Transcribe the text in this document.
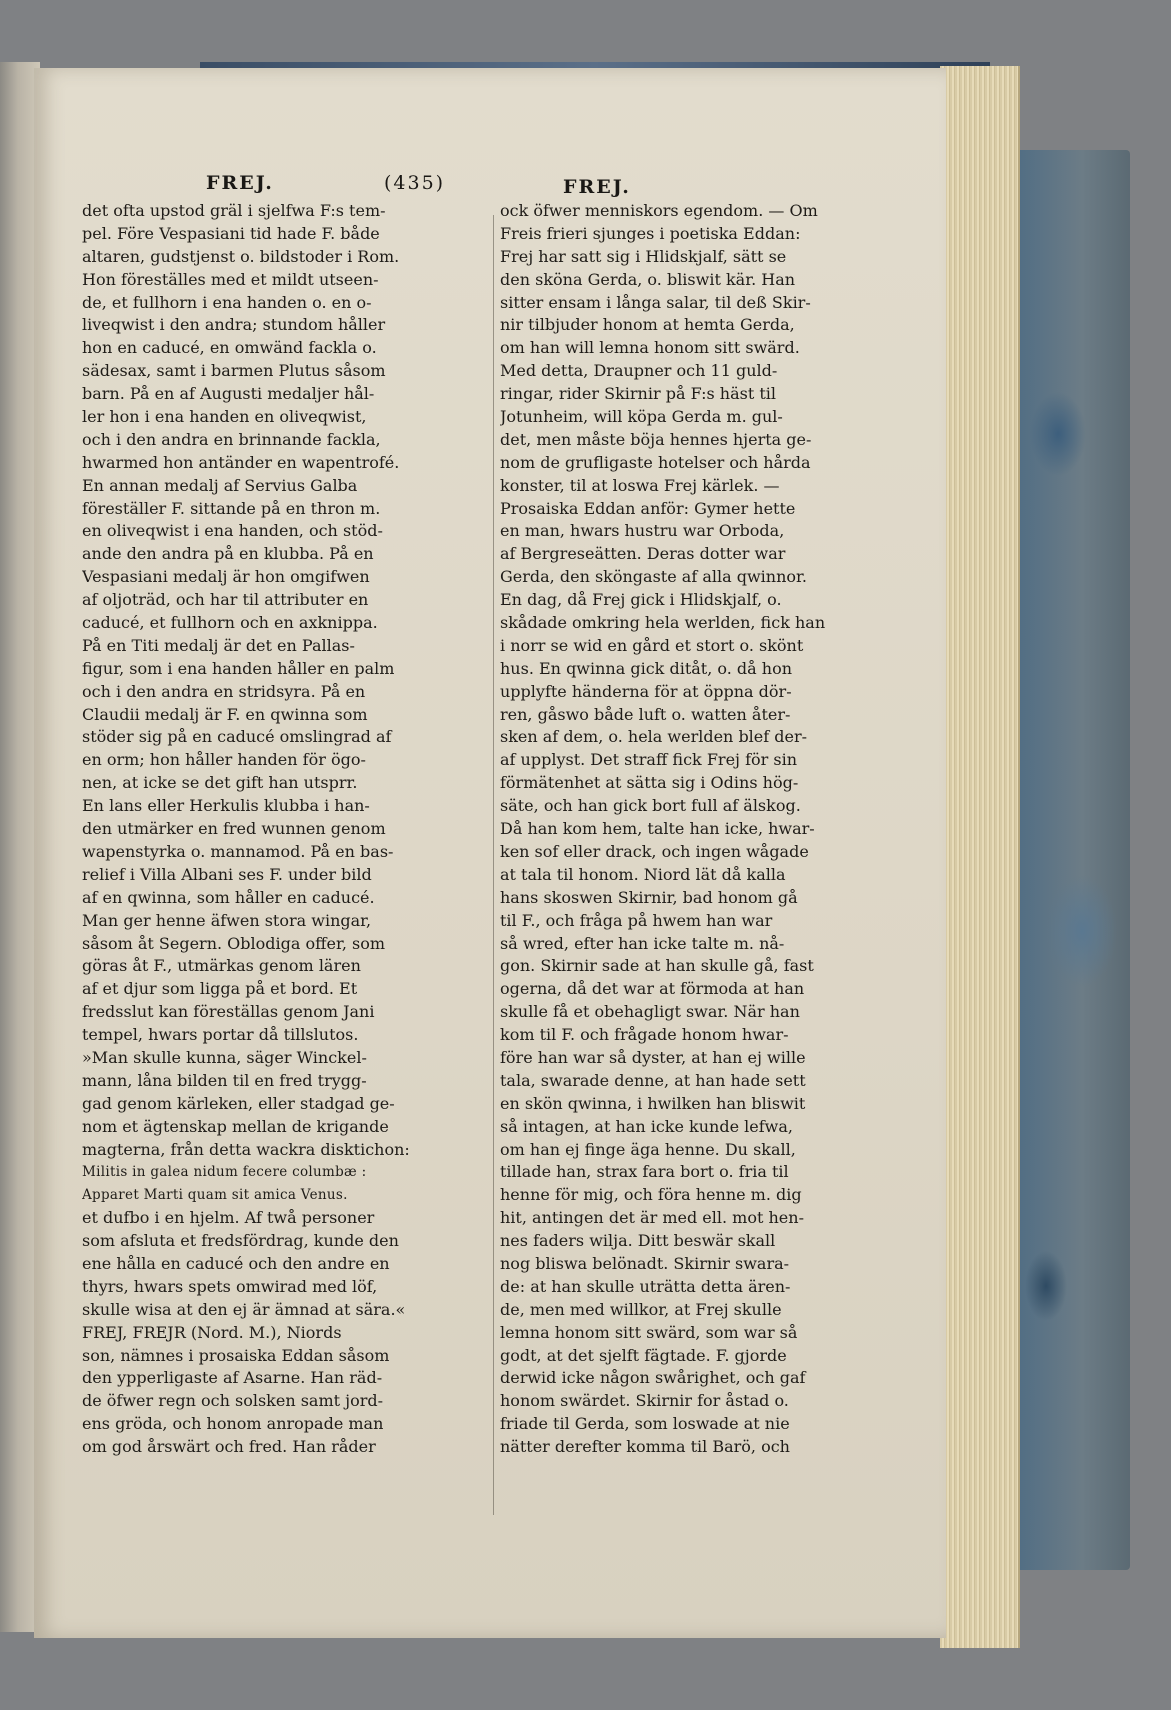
FREJ.	(435)	FREJ.
det ofta upstod gräl i sjelfwa F:s tem-
pel. Före Vespasiani tid hade F. både
altaren, gudstjenst o. bildstoder i Rom.
Hon föreställes med et mildt utseen-
de, et fullhorn i ena handen o. en o-
liveqwist i den andra; stundom håller
hon en caducé, en omwänd fackla o.
sädesax, samt i barmen Plutus såsom
barn. På en af Augusti medaljer hål-
ler hon i ena handen en oliveqwist,
och i den andra en brinnande fackla,
hwarmed hon antänder en wapentrofé.
En annan medalj af Servius Galba
föreställer F. sittande på en thron m.
en oliveqwist i ena handen, och stöd-
ande den andra på en klubba. På en
Vespasiani medalj är hon omgifwen
af oljoträd, och har til attributer en
caducé, et fullhorn och en axknippa.
På en Titi medalj är det en Pallas-
figur, som i ena handen håller en palm
och i den andra en stridsyra. På en
Claudii medalj är F. en qwinna som
stöder sig på en caducé omslingrad af
en orm; hon håller handen för ögo-
nen, at icke se det gift han utsprr.
En lans eller Herkulis klubba i han-
den utmärker en fred wunnen genom
wapenstyrka o. mannamod. På en bas-
relief i Villa Albani ses F. under bild
af en qwinna, som håller en caducé.
Man ger henne äfwen stora wingar,
såsom åt Segern. Oblodiga offer, som
göras åt F., utmärkas genom lären
af et djur som ligga på et bord. Et
fredsslut kan föreställas genom Jani
tempel, hwars portar då tillslutos.
»Man skulle kunna, säger Winckel-
mann, låna bilden til en fred trygg-
gad genom kärleken, eller stadgad ge-
nom et ägtenskap mellan de krigande
magterna, från detta wackra disktichon:
Militis in galea nidum fecere columbæ :
Apparet Marti quam sit amica Venus.
et dufbo i en hjelm. Af twå personer
som afsluta et fredsfördrag, kunde den
ene hålla en caducé och den andre en
thyrs, hwars spets omwirad med löf,
skulle wisa at den ej är ämnad at sära.«
FREJ, FREJR (Nord. M.), Niords
son, nämnes i prosaiska Eddan såsom
den ypperligaste af Asarne. Han räd-
de öfwer regn och solsken samt jord-
ens gröda, och honom anropade man
om god årswärt och fred. Han råder
ock öfwer menniskors egendom. — Om
Freis frieri sjunges i poetiska Eddan:
Frej har satt sig i Hlidskjalf, sätt se
den sköna Gerda, o. bliswit kär. Han
sitter ensam i långa salar, til deß Skir-
nir tilbjuder honom at hemta Gerda,
om han will lemna honom sitt swärd.
Med detta, Draupner och 11 guld-
ringar, rider Skirnir på F:s häst til
Jotunheim, will köpa Gerda m. gul-
det, men måste böja hennes hjerta ge-
nom de grufligaste hotelser och hårda
konster, til at loswa Frej kärlek. —
Prosaiska Eddan anför: Gymer hette
en man, hwars hustru war Orboda,
af Bergreseätten. Deras dotter war
Gerda, den sköngaste af alla qwinnor.
En dag, då Frej gick i Hlidskjalf, o.
skådade omkring hela werlden, fick han
i norr se wid en gård et stort o. skönt
hus. En qwinna gick ditåt, o. då hon
upplyfte händerna för at öppna dör-
ren, gåswo både luft o. watten åter-
sken af dem, o. hela werlden blef der-
af upplyst. Det straff fick Frej för sin
förmätenhet at sätta sig i Odins hög-
säte, och han gick bort full af älskog.
Då han kom hem, talte han icke, hwar-
ken sof eller drack, och ingen wågade
at tala til honom. Niord lät då kalla
hans skoswen Skirnir, bad honom gå
til F., och fråga på hwem han war
så wred, efter han icke talte m. nå-
gon. Skirnir sade at han skulle gå, fast
ogerna, då det war at förmoda at han
skulle få et obehagligt swar. När han
kom til F. och frågade honom hwar-
före han war så dyster, at han ej wille
tala, swarade denne, at han hade sett
en skön qwinna, i hwilken han bliswit
så intagen, at han icke kunde lefwa,
om han ej finge äga henne. Du skall,
tillade han, strax fara bort o. fria til
henne för mig, och föra henne m. dig
hit, antingen det är med ell. mot hen-
nes faders wilja. Ditt beswär skall
nog bliswa belönadt. Skirnir swara-
de: at han skulle uträtta detta ären-
de, men med willkor, at Frej skulle
lemna honom sitt swärd, som war så
godt, at det sjelft fägtade. F. gjorde
derwid icke någon swårighet, och gaf
honom swärdet. Skirnir for åstad o.
friade til Gerda, som loswade at nie
nätter derefter komma til Barö, och
